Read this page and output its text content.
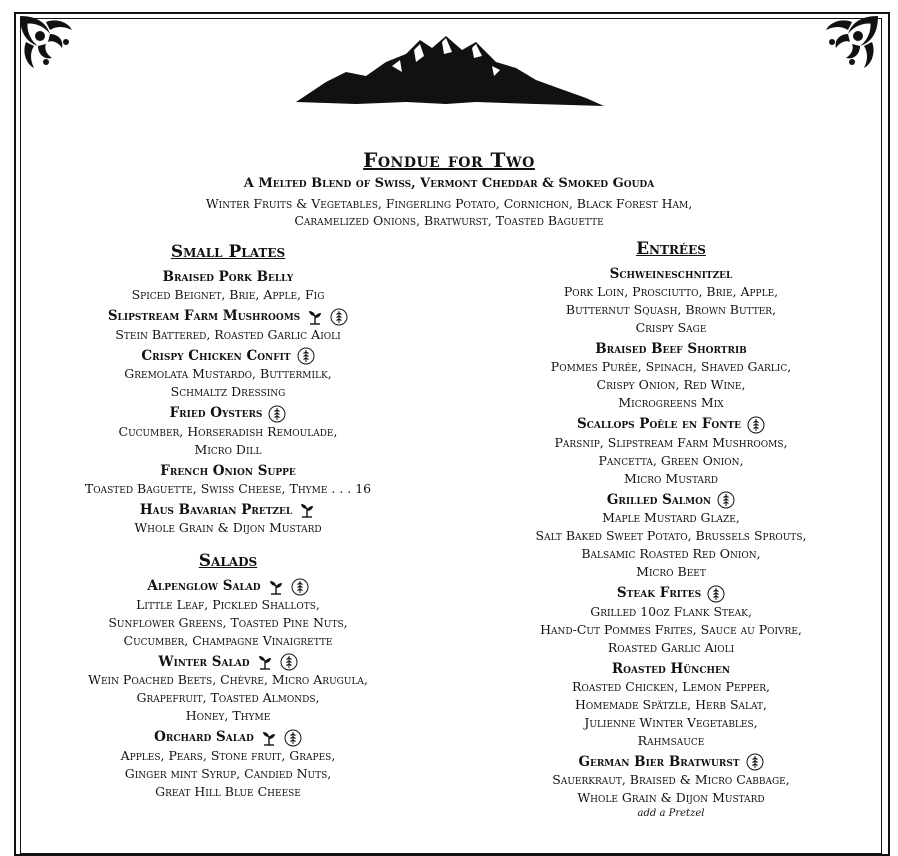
Fondue for Two
A Melted Blend of Swiss, Vermont Cheddar & Smoked Gouda
Winter Fruits & Vegetables, Fingerling Potato, Cornichon, Black Forest Ham,
Caramelized Onions, Bratwurst, Toasted Baguette
Small Plates
Braised Pork Belly
Spiced Beignet, Brie, Apple, Fig
Slipstream Farm Mushrooms
Stein Battered, Roasted Garlic Aioli
Crispy Chicken Confit
Gremolata Mustardo, Buttermilk,
Schmaltz Dressing
Fried Oysters
Cucumber, Horseradish Remoulade,
Micro Dill
French Onion Suppe
Toasted Baguette, Swiss Cheese, Thyme . . . 16
Haus Bavarian Pretzel
Whole Grain & Dijon Mustard
Salads
Alpenglow Salad
Little Leaf, Pickled Shallots,
Sunflower Greens, Toasted Pine Nuts,
Cucumber, Champagne Vinaigrette
Winter Salad
Wein Poached Beets, Chèvre, Micro Arugula,
Grapefruit, Toasted Almonds,
Honey, Thyme
Orchard Salad
Apples, Pears, Stone fruit, Grapes,
Ginger mint Syrup, Candied Nuts,
Great Hill Blue Cheese
Entrées
Schweineschnitzel
Pork Loin, Prosciutto, Brie, Apple,
Butternut Squash, Brown Butter,
Crispy Sage
Braised Beef Shortrib
Pommes Purée, Spinach, Shaved Garlic,
Crispy Onion, Red Wine,
Microgreens Mix
Scallops Poêle en Fonte
Parsnip, Slipstream Farm Mushrooms,
Pancetta, Green Onion,
Micro Mustard
Grilled Salmon
Maple Mustard Glaze,
Salt Baked Sweet Potato, Brussels Sprouts,
Balsamic Roasted Red Onion,
Micro Beet
Steak Frites
Grilled 10oz Flank Steak,
Hand-Cut Pommes Frites, Sauce au Poivre,
Roasted Garlic Aioli
Roasted Hünchen
Roasted Chicken, Lemon Pepper,
Homemade Spätzle, Herb Salat,
Julienne Winter Vegetables,
Rahmsauce
German Bier Bratwurst
Sauerkraut, Braised & Micro Cabbage,
Whole Grain & Dijon Mustard
add a Pretzel
